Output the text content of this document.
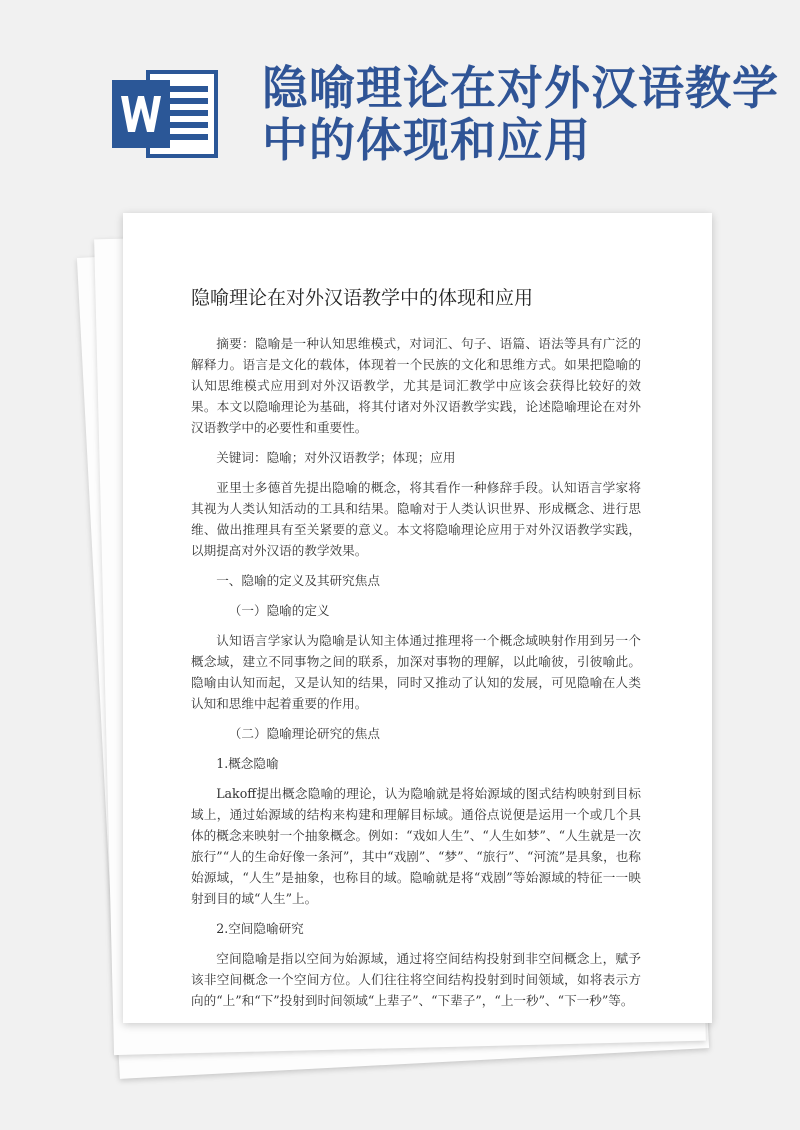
隐喻理论在对外汉语教学中的体现和应用
隐喻理论在对外汉语教学中的体现和应用

摘要：隐喻是一种认知思维模式，对词汇、句子、语篇、语法等具有广泛的解释力。语言是文化的载体，体现着一个民族的文化和思维方式。如果把隐喻的认知思维模式应用到对外汉语教学，尤其是词汇教学中应该会获得比较好的效果。本文以隐喻理论为基础，将其付诸对外汉语教学实践，论述隐喻理论在对外汉语教学中的必要性和重要性。

关键词：隐喻；对外汉语教学；体现；应用

亚里士多德首先提出隐喻的概念，将其看作一种修辞手段。认知语言学家将其视为人类认知活动的工具和结果。隐喻对于人类认识世界、形成概念、进行思维、做出推理具有至关紧要的意义。本文将隐喻理论应用于对外汉语教学实践，以期提高对外汉语的教学效果。

一、隐喻的定义及其研究焦点

（一）隐喻的定义

认知语言学家认为隐喻是认知主体通过推理将一个概念域映射作用到另一个概念域，建立不同事物之间的联系，加深对事物的理解，以此喻彼，引彼喻此。隐喻由认知而起，又是认知的结果，同时又推动了认知的发展，可见隐喻在人类认知和思维中起着重要的作用。

（二）隐喻理论研究的焦点

1.概念隐喻

Lakoff提出概念隐喻的理论，认为隐喻就是将始源域的图式结构映射到目标域上，通过始源域的结构来构建和理解目标域。通俗点说便是运用一个或几个具体的概念来映射一个抽象概念。例如：“戏如人生”、“人生如梦”、“人生就是一次旅行”“人的生命好像一条河”，其中“戏剧”、“梦”、“旅行”、“河流”是具象，也称始源域，“人生”是抽象，也称目的域。隐喻就是将“戏剧”等始源域的特征一一映射到目的域“人生”上。

2.空间隐喻研究

空间隐喻是指以空间为始源域，通过将空间结构投射到非空间概念上，赋予该非空间概念一个空间方位。人们往往将空间结构投射到时间领域，如将表示方向的“上”和“下”投射到时间领域“上辈子”、“下辈子”，“上一秒”、“下一秒”等。
